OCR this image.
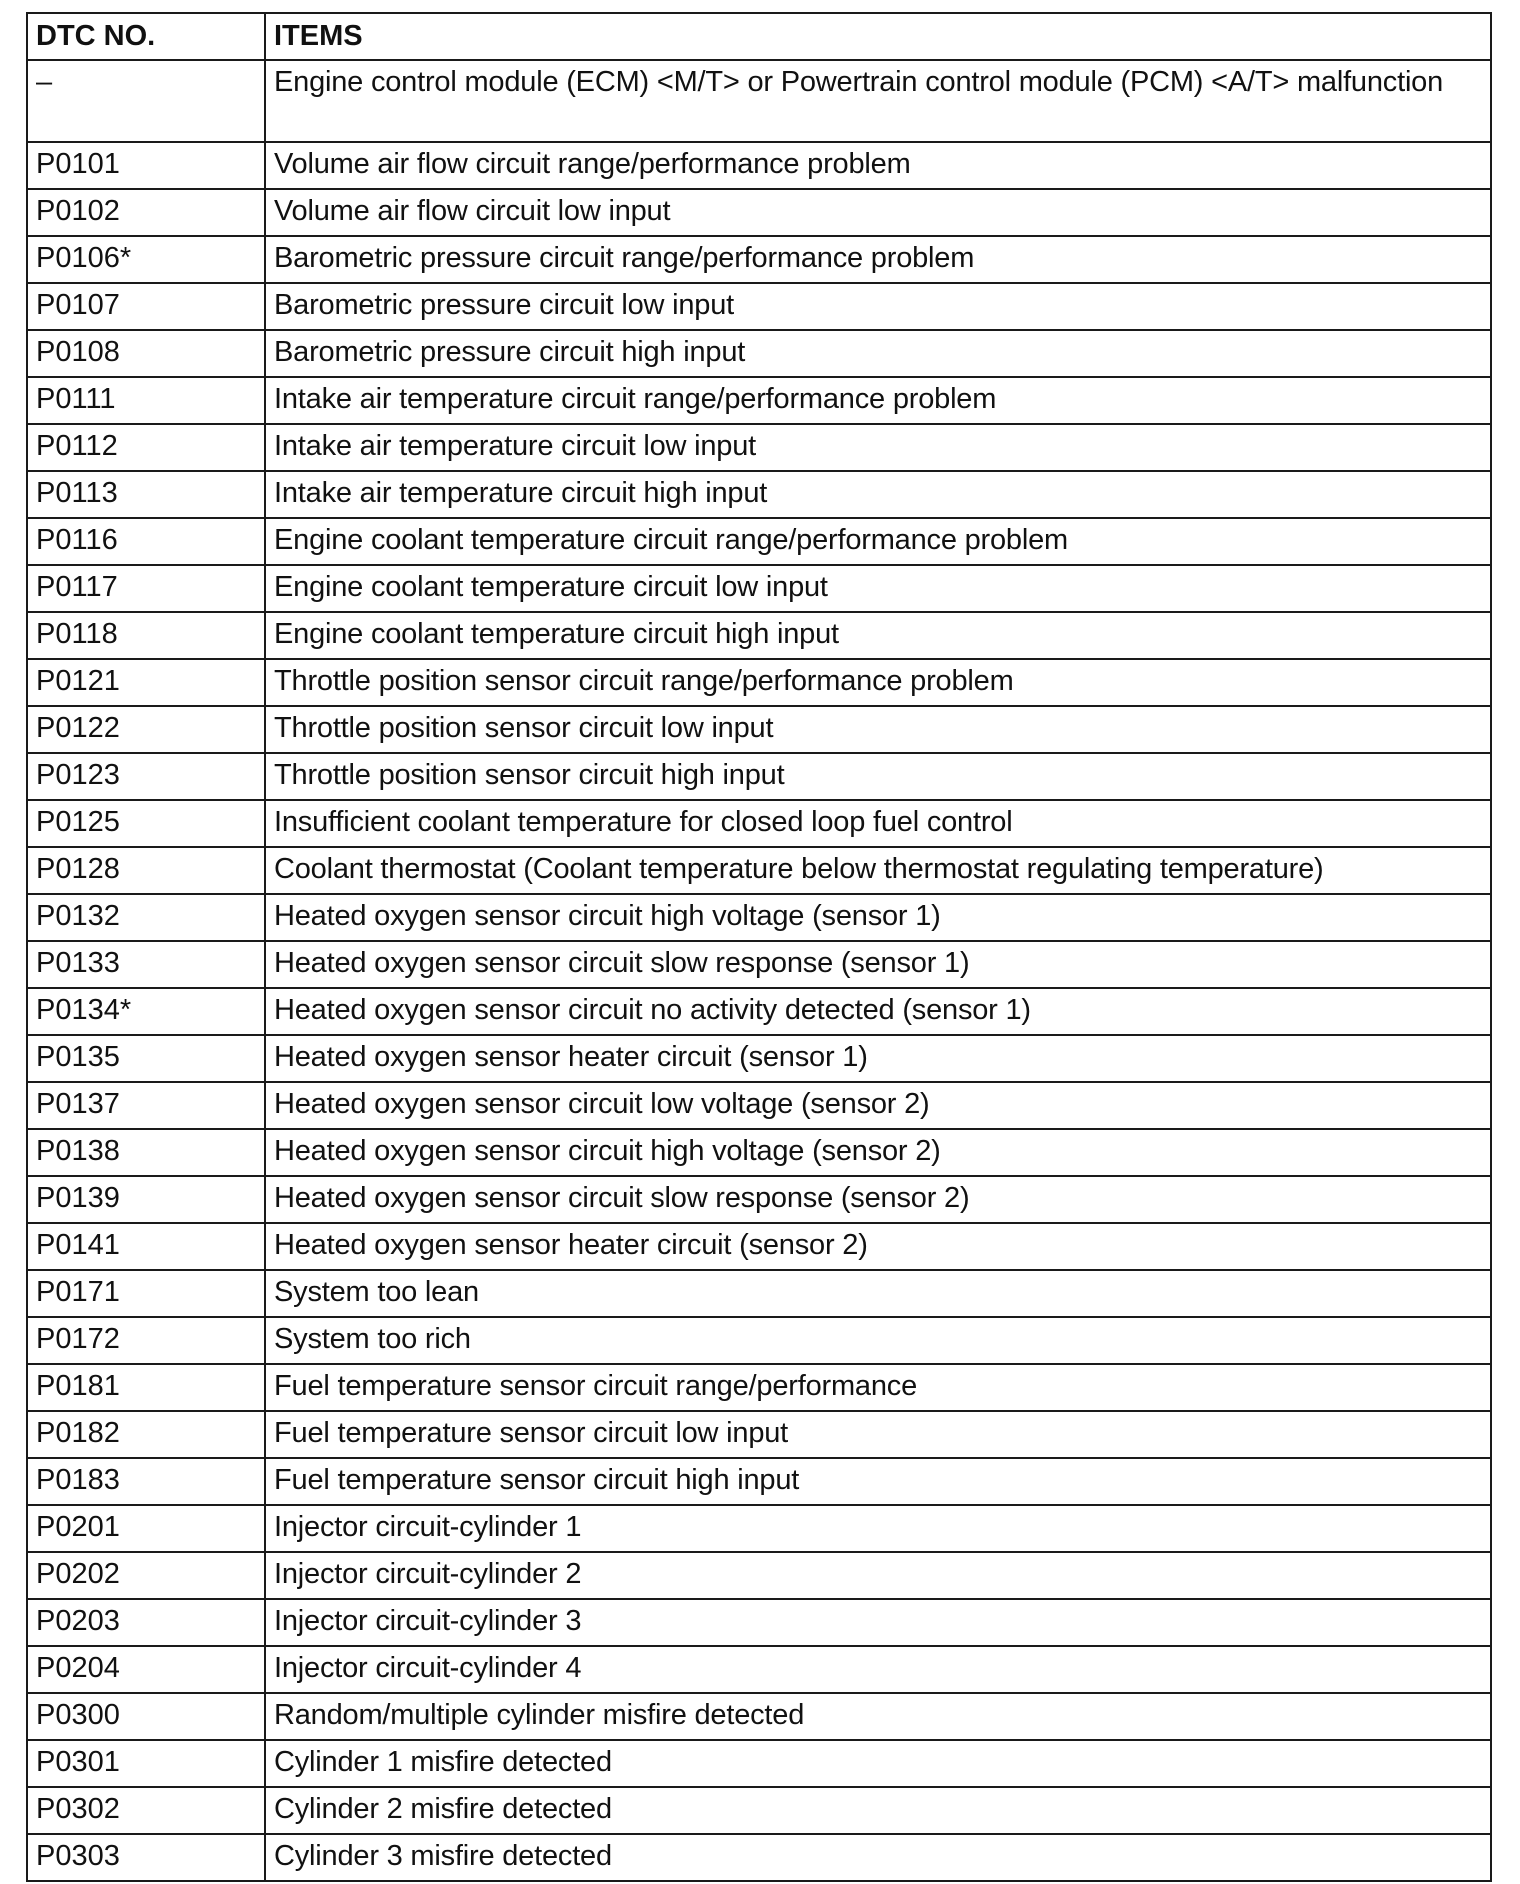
DTC NO.	ITEMS
–	Engine control module (ECM) <M/T> or Powertrain control module (PCM) <A/T> malfunction
P0101	Volume air flow circuit range/performance problem
P0102	Volume air flow circuit low input
P0106*	Barometric pressure circuit range/performance problem
P0107	Barometric pressure circuit low input
P0108	Barometric pressure circuit high input
P0111	Intake air temperature circuit range/performance problem
P0112	Intake air temperature circuit low input
P0113	Intake air temperature circuit high input
P0116	Engine coolant temperature circuit range/performance problem
P0117	Engine coolant temperature circuit low input
P0118	Engine coolant temperature circuit high input
P0121	Throttle position sensor circuit range/performance problem
P0122	Throttle position sensor circuit low input
P0123	Throttle position sensor circuit high input
P0125	Insufficient coolant temperature for closed loop fuel control
P0128	Coolant thermostat (Coolant temperature below thermostat regulating temperature)
P0132	Heated oxygen sensor circuit high voltage (sensor 1)
P0133	Heated oxygen sensor circuit slow response (sensor 1)
P0134*	Heated oxygen sensor circuit no activity detected (sensor 1)
P0135	Heated oxygen sensor heater circuit (sensor 1)
P0137	Heated oxygen sensor circuit low voltage (sensor 2)
P0138	Heated oxygen sensor circuit high voltage (sensor 2)
P0139	Heated oxygen sensor circuit slow response (sensor 2)
P0141	Heated oxygen sensor heater circuit (sensor 2)
P0171	System too lean
P0172	System too rich
P0181	Fuel temperature sensor circuit range/performance
P0182	Fuel temperature sensor circuit low input
P0183	Fuel temperature sensor circuit high input
P0201	Injector circuit-cylinder 1
P0202	Injector circuit-cylinder 2
P0203	Injector circuit-cylinder 3
P0204	Injector circuit-cylinder 4
P0300	Random/multiple cylinder misfire detected
P0301	Cylinder 1 misfire detected
P0302	Cylinder 2 misfire detected
P0303	Cylinder 3 misfire detected
